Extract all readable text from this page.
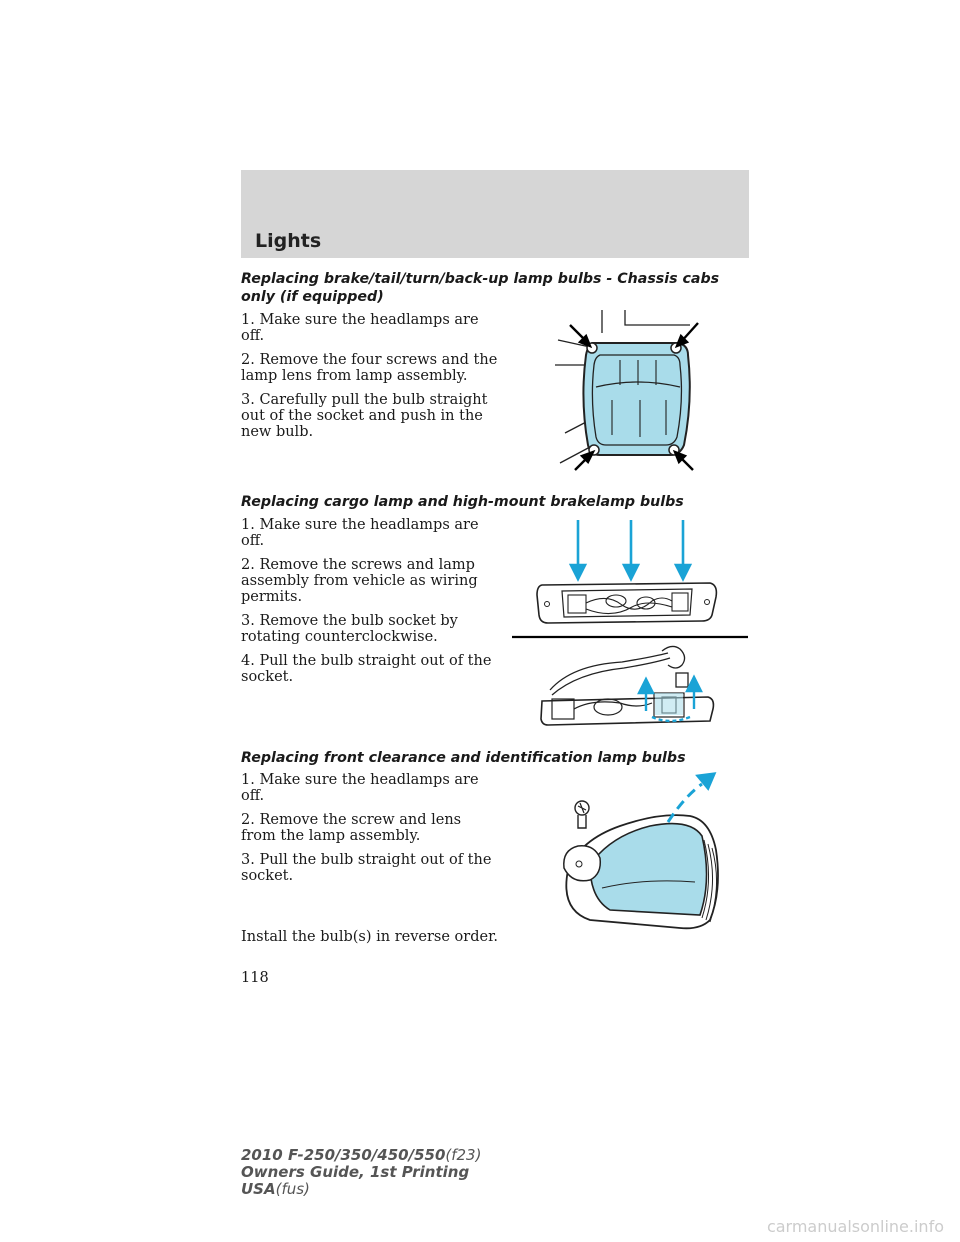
Lights
Replacing brake/tail/turn/back-up lamp bulbs - Chassis cabs only (if equipped)

1. Make sure the headlamps are off.

2. Remove the four screws and the lamp lens from lamp assembly.

3. Carefully pull the bulb straight out of the socket and push in the new bulb.

Replacing cargo lamp and high-mount brakelamp bulbs

1. Make sure the headlamps are off.

2. Remove the screws and lamp assembly from vehicle as wiring permits.

3. Remove the bulb socket by rotating counterclockwise.

4. Pull the bulb straight out of the socket.

Replacing front clearance and identification lamp bulbs

1. Make sure the headlamps are off.

2. Remove the screw and lens from the lamp assembly.

3. Pull the bulb straight out of the socket.

Install the bulb(s) in reverse order.

118

2010 F-250/350/450/550(f23)
Owners Guide, 1st Printing
USA(fus)
carmanualsonline.info
